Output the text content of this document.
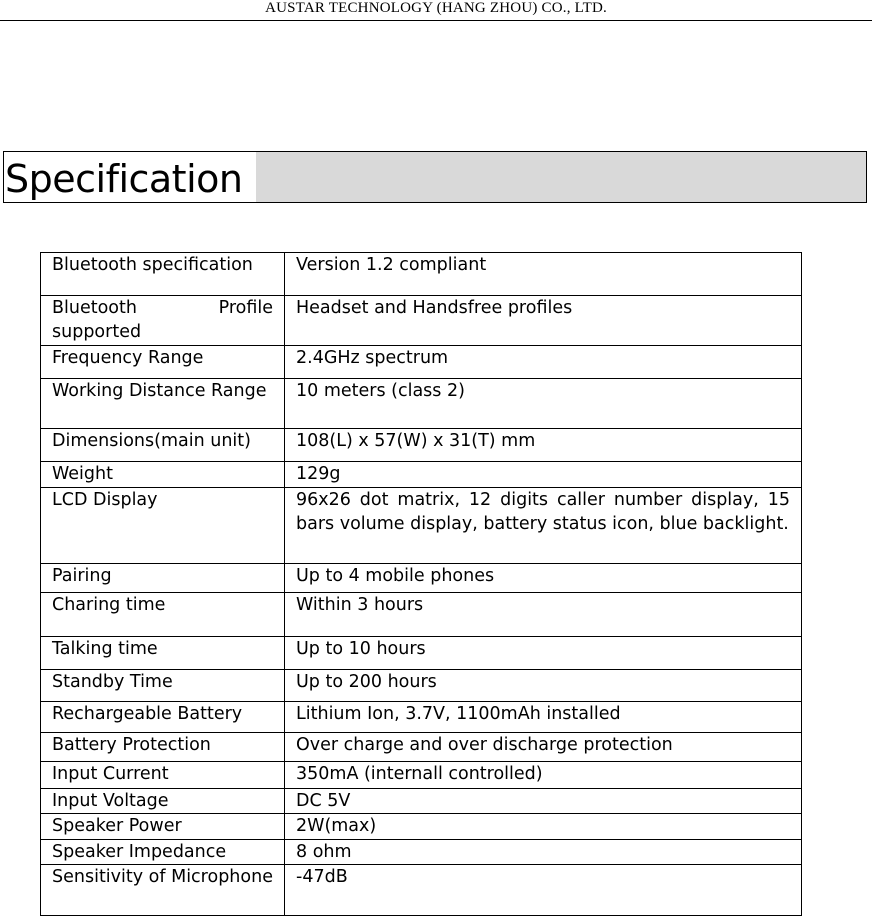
AUSTAR TECHNOLOGY (HANG ZHOU) CO., LTD.
Specification
Bluetooth specification	Version 1.2 compliant

Bluetooth Profile supported	Headset and Handsfree profiles

Frequency Range	2.4GHz spectrum

Working Distance Range	10 meters (class 2)

Dimensions(main unit)	108(L) x 57(W) x 31(T) mm

Weight	129g

LCD Display	96x26 dot matrix, 12 digits caller number display, 15 bars volume display, battery status icon, blue backlight.

Pairing	Up to 4 mobile phones

Charing time	Within 3 hours

Talking time	Up to 10 hours

Standby Time	Up to 200 hours

Rechargeable Battery	Lithium Ion, 3.7V, 1100mAh installed

Battery Protection	Over charge and over discharge protection

Input Current	350mA (internall controlled)

Input Voltage	DC 5V

Speaker Power	2W(max)

Speaker Impedance	8 ohm

Sensitivity of Microphone	-47dB
